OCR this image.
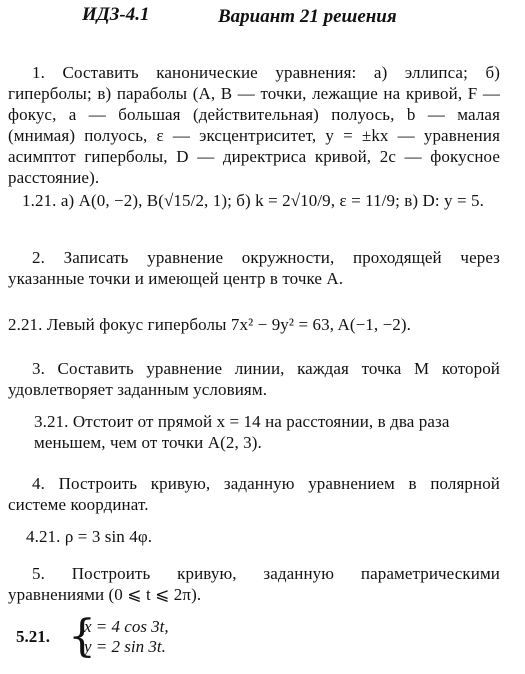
ИДЗ-4.1	Вариант 21 решения
1. Составить канонические уравнения: а) эллипса; б) гиперболы; в) параболы (A, B — точки, лежащие на кривой, F — фокус, a — большая (действительная) полуось, b — малая (мнимая) полуось, ε — эксцентриситет, y = ±kx — уравнения асимптот гиперболы, D — директриса кривой, 2c — фокусное расстояние).
1.21. а) A(0, −2), B(√15/2, 1); б) k = 2√10/9, ε = 11/9; в) D: y = 5.
2. Записать уравнение окружности, проходящей через указанные точки и имеющей центр в точке A.
2.21. Левый фокус гиперболы 7x² − 9y² = 63, A(−1, −2).
3. Составить уравнение линии, каждая точка M которой удовлетворяет заданным условиям.
3.21. Отстоит от прямой x = 14 на расстоянии, в два раза меньшем, чем от точки A(2, 3).
4. Построить кривую, заданную уравнением в полярной системе координат.
4.21. ρ = 3 sin 4φ.
5. Построить кривую, заданную параметрическими уравнениями (0 ⩽ t ⩽ 2π).
5.21. {
x = 4 cos 3t,
y = 2 sin 3t.
